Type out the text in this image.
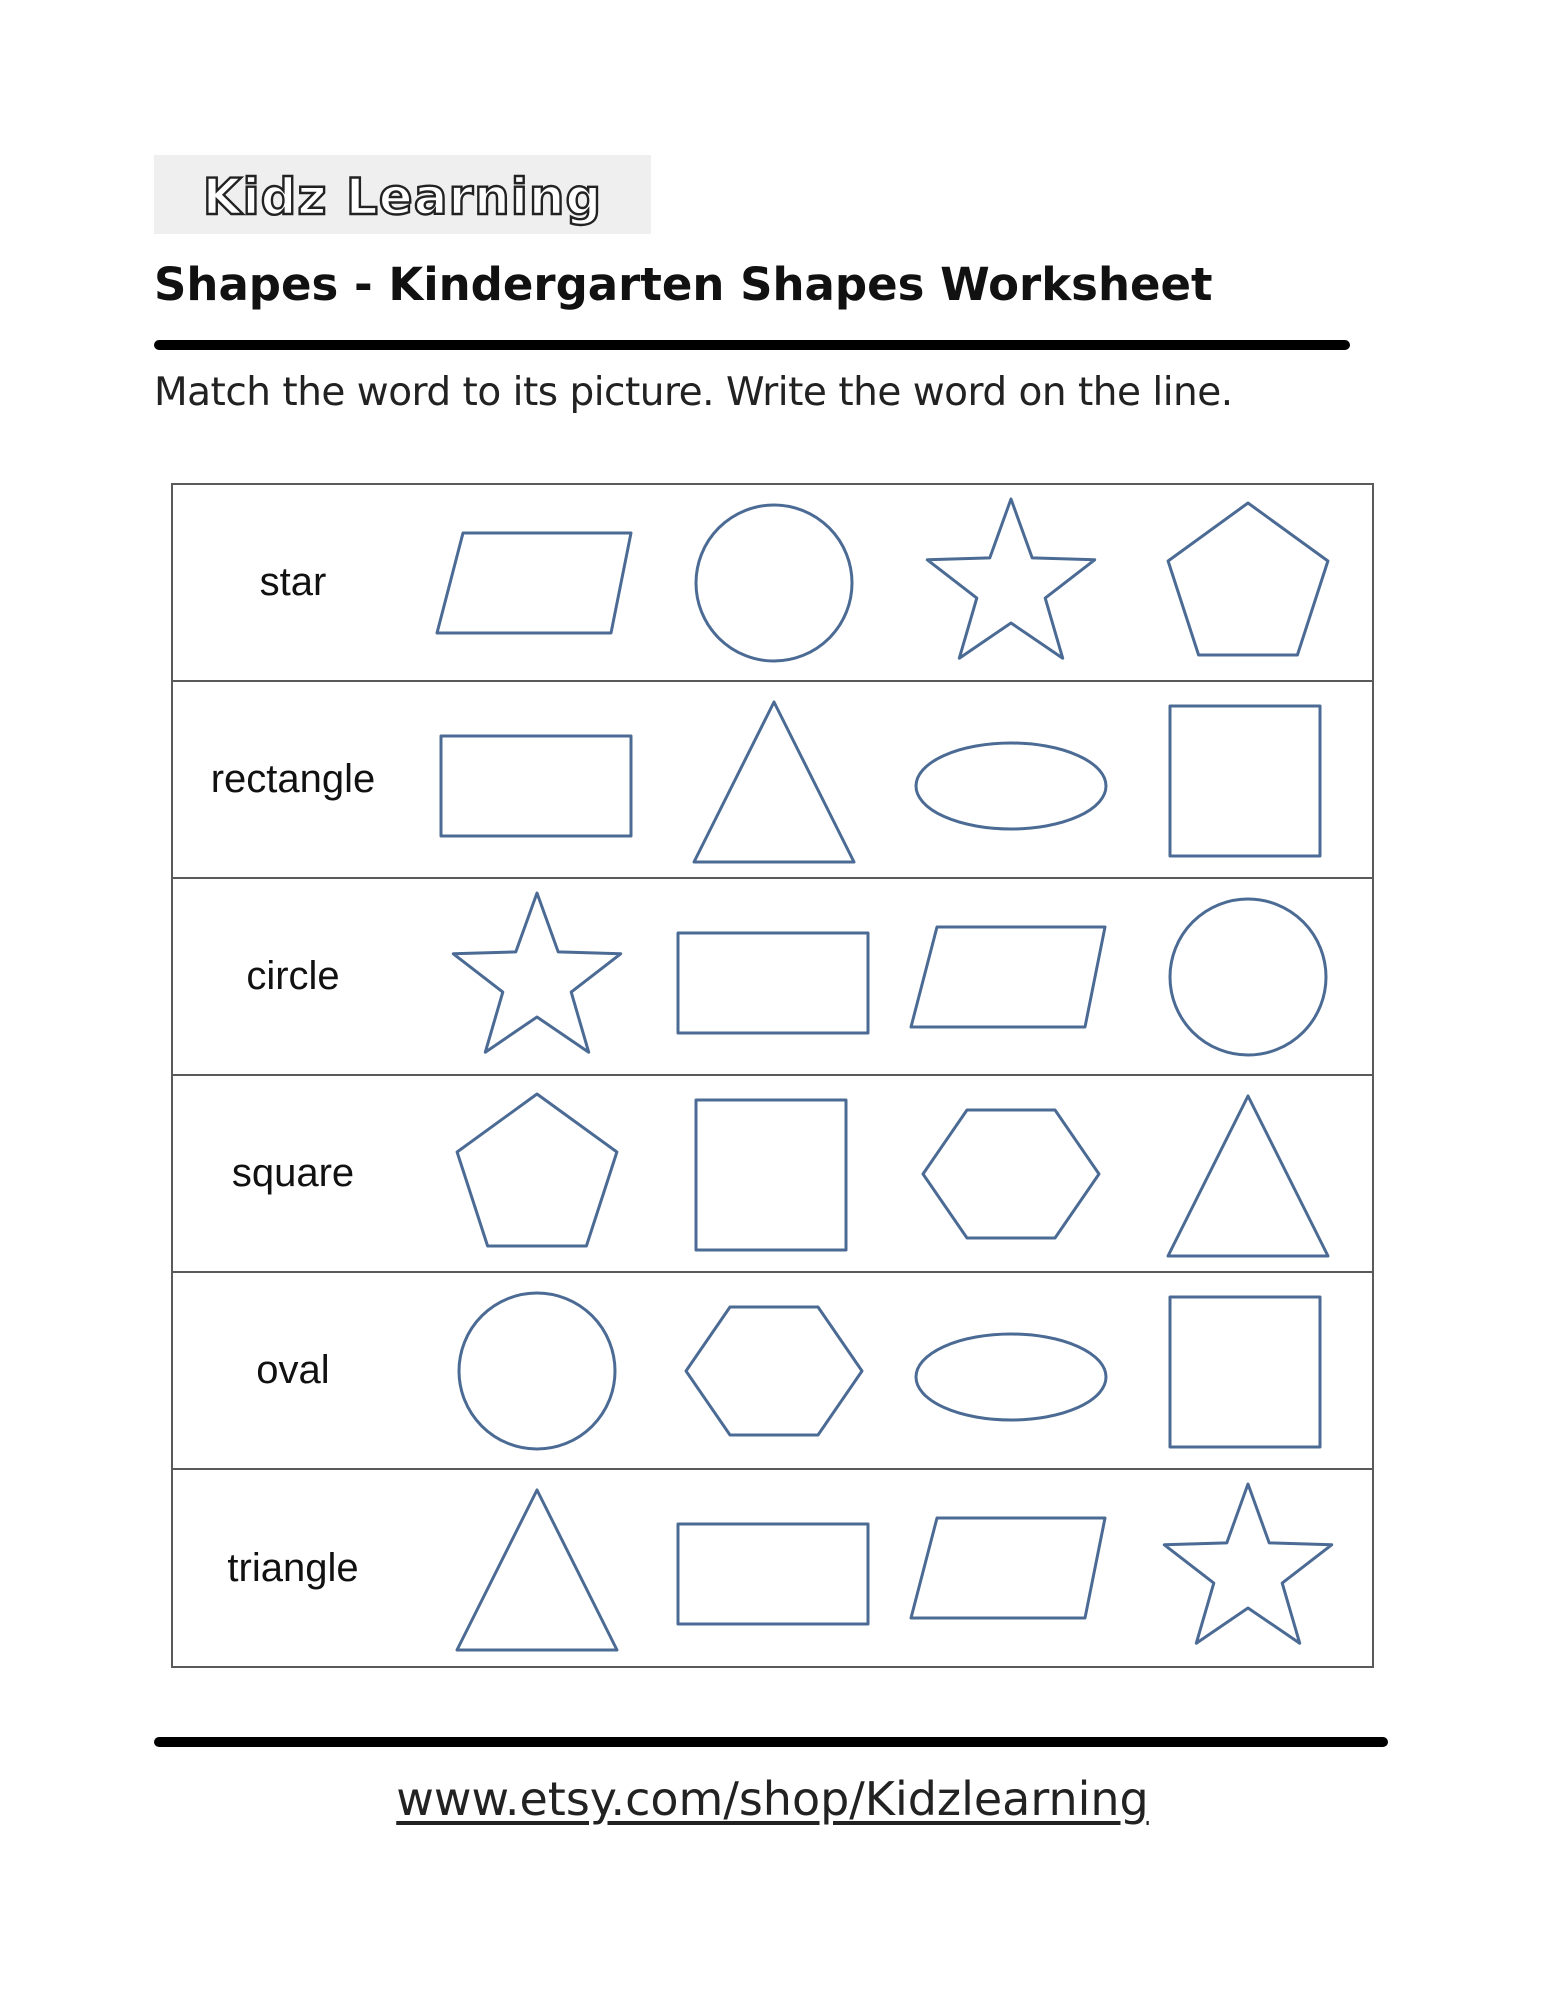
Kidz Learning
Shapes - Kindergarten Shapes Worksheet
Match the word to its picture. Write the word on the line.
star
rectangle
circle
square
oval
triangle
www.etsy.com/shop/Kidzlearning
